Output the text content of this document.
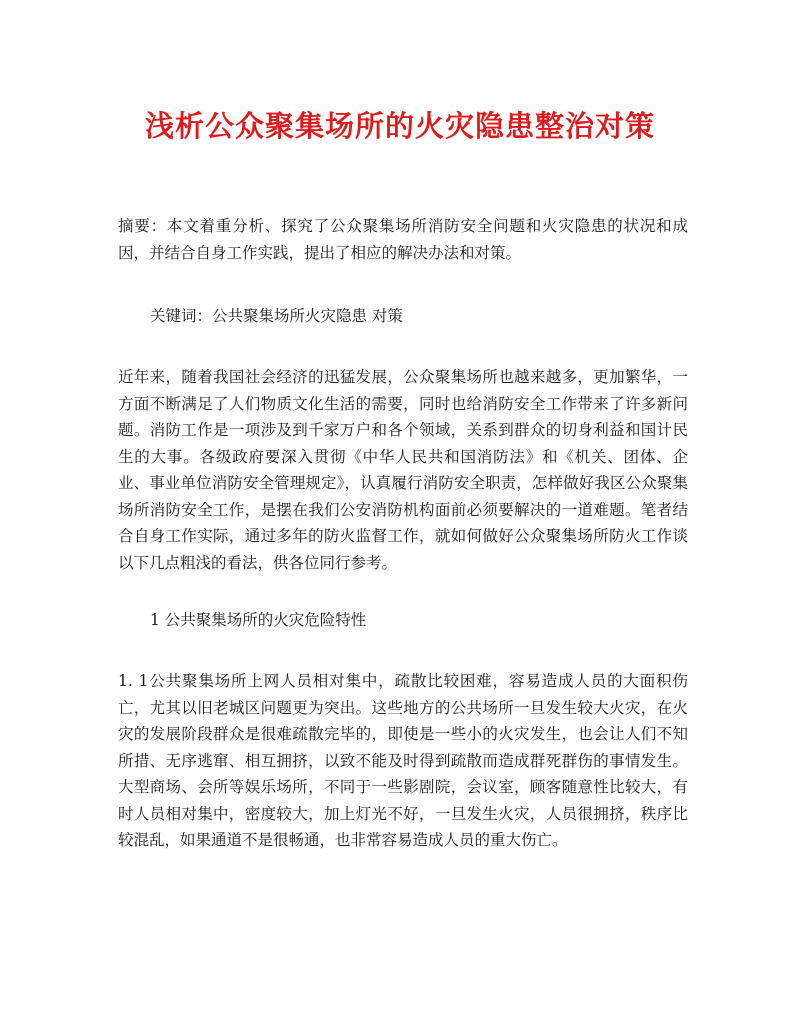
浅析公众聚集场所的火灾隐患整治对策

摘要：本文着重分析、探究了公众聚集场所消防安全问题和火灾隐患的状况和成因，并结合自身工作实践，提出了相应的解决办法和对策。

关键词：公共聚集场所火灾隐患 对策

近年来，随着我国社会经济的迅猛发展，公众聚集场所也越来越多，更加繁华，一方面不断满足了人们物质文化生活的需要，同时也给消防安全工作带来了许多新问题。消防工作是一项涉及到千家万户和各个领域，关系到群众的切身利益和国计民生的大事。各级政府要深入贯彻《中华人民共和国消防法》和《机关、团体、企业、事业单位消防安全管理规定》，认真履行消防安全职责，怎样做好我区公众聚集场所消防安全工作，是摆在我们公安消防机构面前必须要解决的一道难题。笔者结合自身工作实际，通过多年的防火监督工作，就如何做好公众聚集场所防火工作谈以下几点粗浅的看法，供各位同行参考。

1 公共聚集场所的火灾危险特性

1. 1公共聚集场所上网人员相对集中，疏散比较困难，容易造成人员的大面积伤亡，尤其以旧老城区问题更为突出。这些地方的公共场所一旦发生较大火灾，在火灾的发展阶段群众是很难疏散完毕的，即使是一些小的火灾发生，也会让人们不知所措、无序逃窜、相互拥挤，以致不能及时得到疏散而造成群死群伤的事情发生。大型商场、会所等娱乐场所，不同于一些影剧院，会议室，顾客随意性比较大，有时人员相对集中，密度较大，加上灯光不好，一旦发生火灾，人员很拥挤，秩序比较混乱，如果通道不是很畅通，也非常容易造成人员的重大伤亡。
